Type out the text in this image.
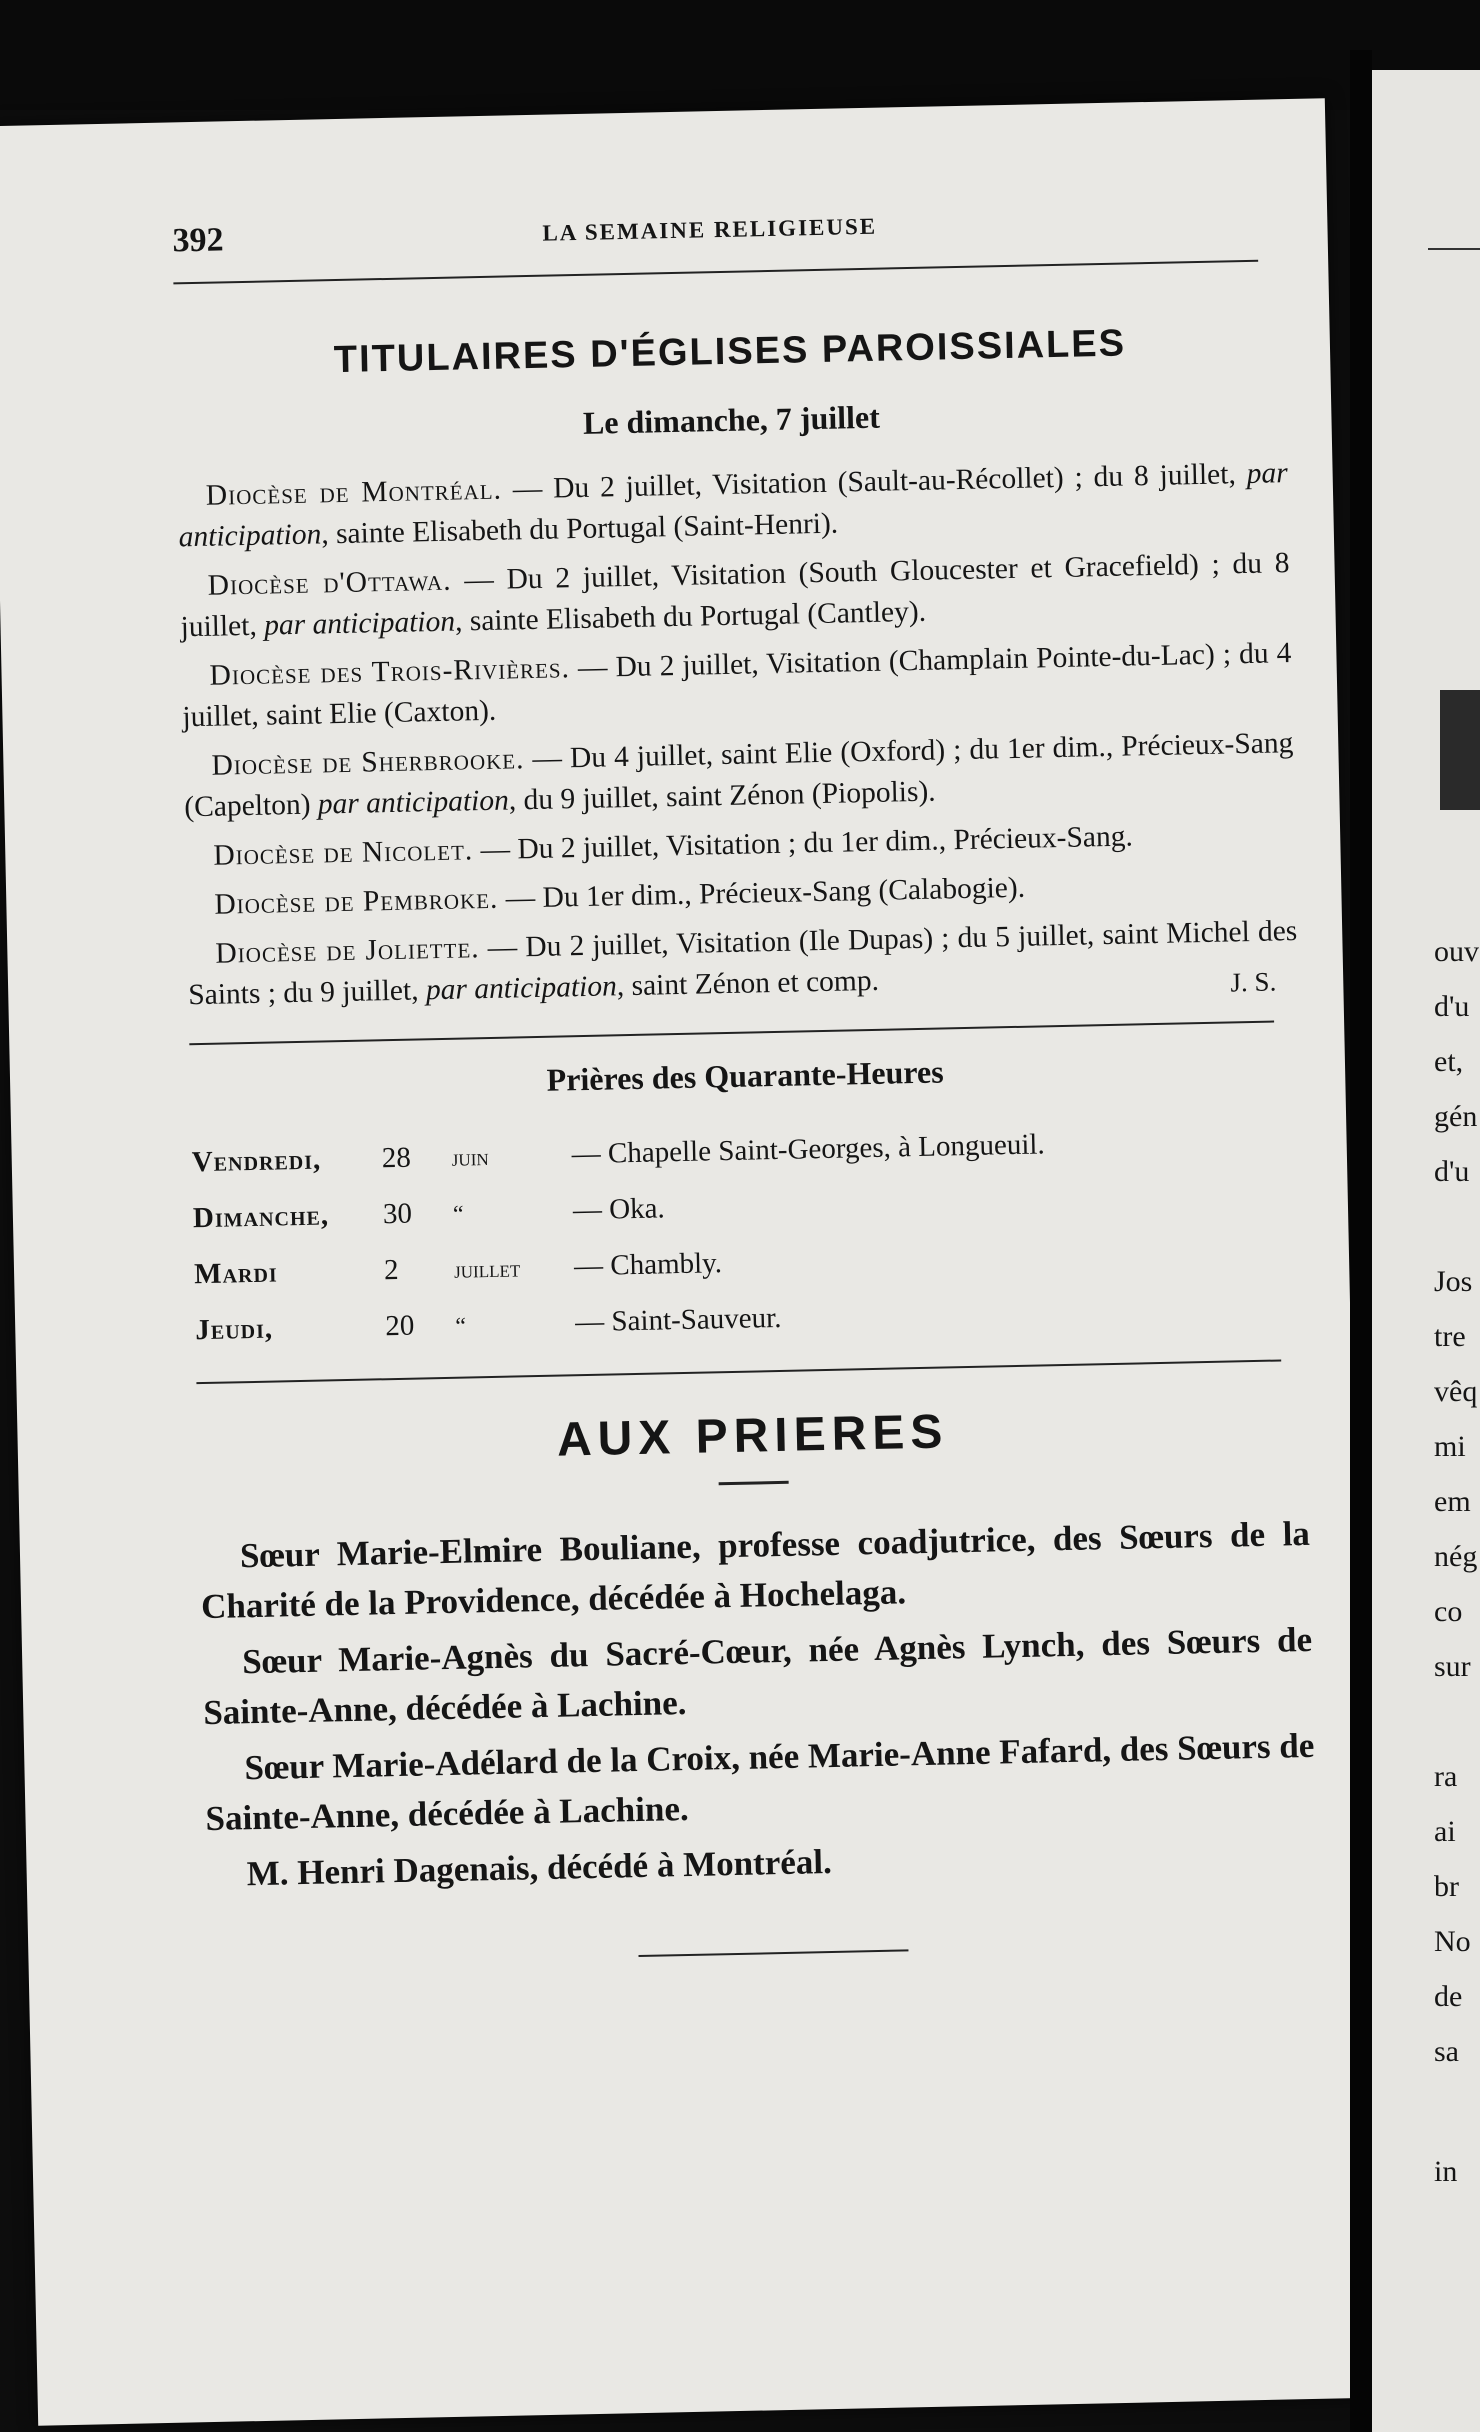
392	LA SEMAINE RELIGIEUSE
TITULAIRES D'ÉGLISES PAROISSIALES
Le dimanche, 7 juillet

Diocèse de Montréal. — Du 2 juillet, Visitation (Sault-au-Récollet) ; du 8 juillet, par anticipation, sainte Elisabeth du Portugal (Saint-Henri).

Diocèse d'Ottawa. — Du 2 juillet, Visitation (South Gloucester et Gracefield) ; du 8 juillet, par anticipation, sainte Elisabeth du Portugal (Cantley).

Diocèse des Trois-Rivières. — Du 2 juillet, Visitation (Champlain Pointe-du-Lac) ; du 4 juillet, saint Elie (Caxton).

Diocèse de Sherbrooke. — Du 4 juillet, saint Elie (Oxford) ; du 1er dim., Précieux-Sang (Capelton) par anticipation, du 9 juillet, saint Zénon (Piopolis).

Diocèse de Nicolet. — Du 2 juillet, Visitation ; du 1er dim., Précieux-Sang.

Diocèse de Pembroke. — Du 1er dim., Précieux-Sang (Calabogie).

Diocèse de Joliette. — Du 2 juillet, Visitation (Ile Dupas) ; du 5 juillet, saint Michel des Saints ; du 9 juillet, par anticipation, saint Zénon et comp.	J. S.
Prières des Quarante-Heures
Vendredi,	28	juin	— Chapelle Saint-Georges, à Longueuil.
Dimanche,	30	“	— Oka.
Mardi	2	juillet	— Chambly.
Jeudi,	20	“	— Saint-Sauveur.
AUX PRIERES

Sœur Marie-Elmire Bouliane, professe coadjutrice, des Sœurs de la Charité de la Providence, décédée à Hochelaga.

Sœur Marie-Agnès du Sacré-Cœur, née Agnès Lynch, des Sœurs de Sainte-Anne, décédée à Lachine.

Sœur Marie-Adélard de la Croix, née Marie-Anne Fafard, des Sœurs de Sainte-Anne, décédée à Lachine.

M. Henri Dagenais, décédé à Montréal.

ouv
d'u
et,
gén
d'u
Jos
tre
vêq
mi
em
nég
co
sur
ra
ai
br
No
de
sa
in
